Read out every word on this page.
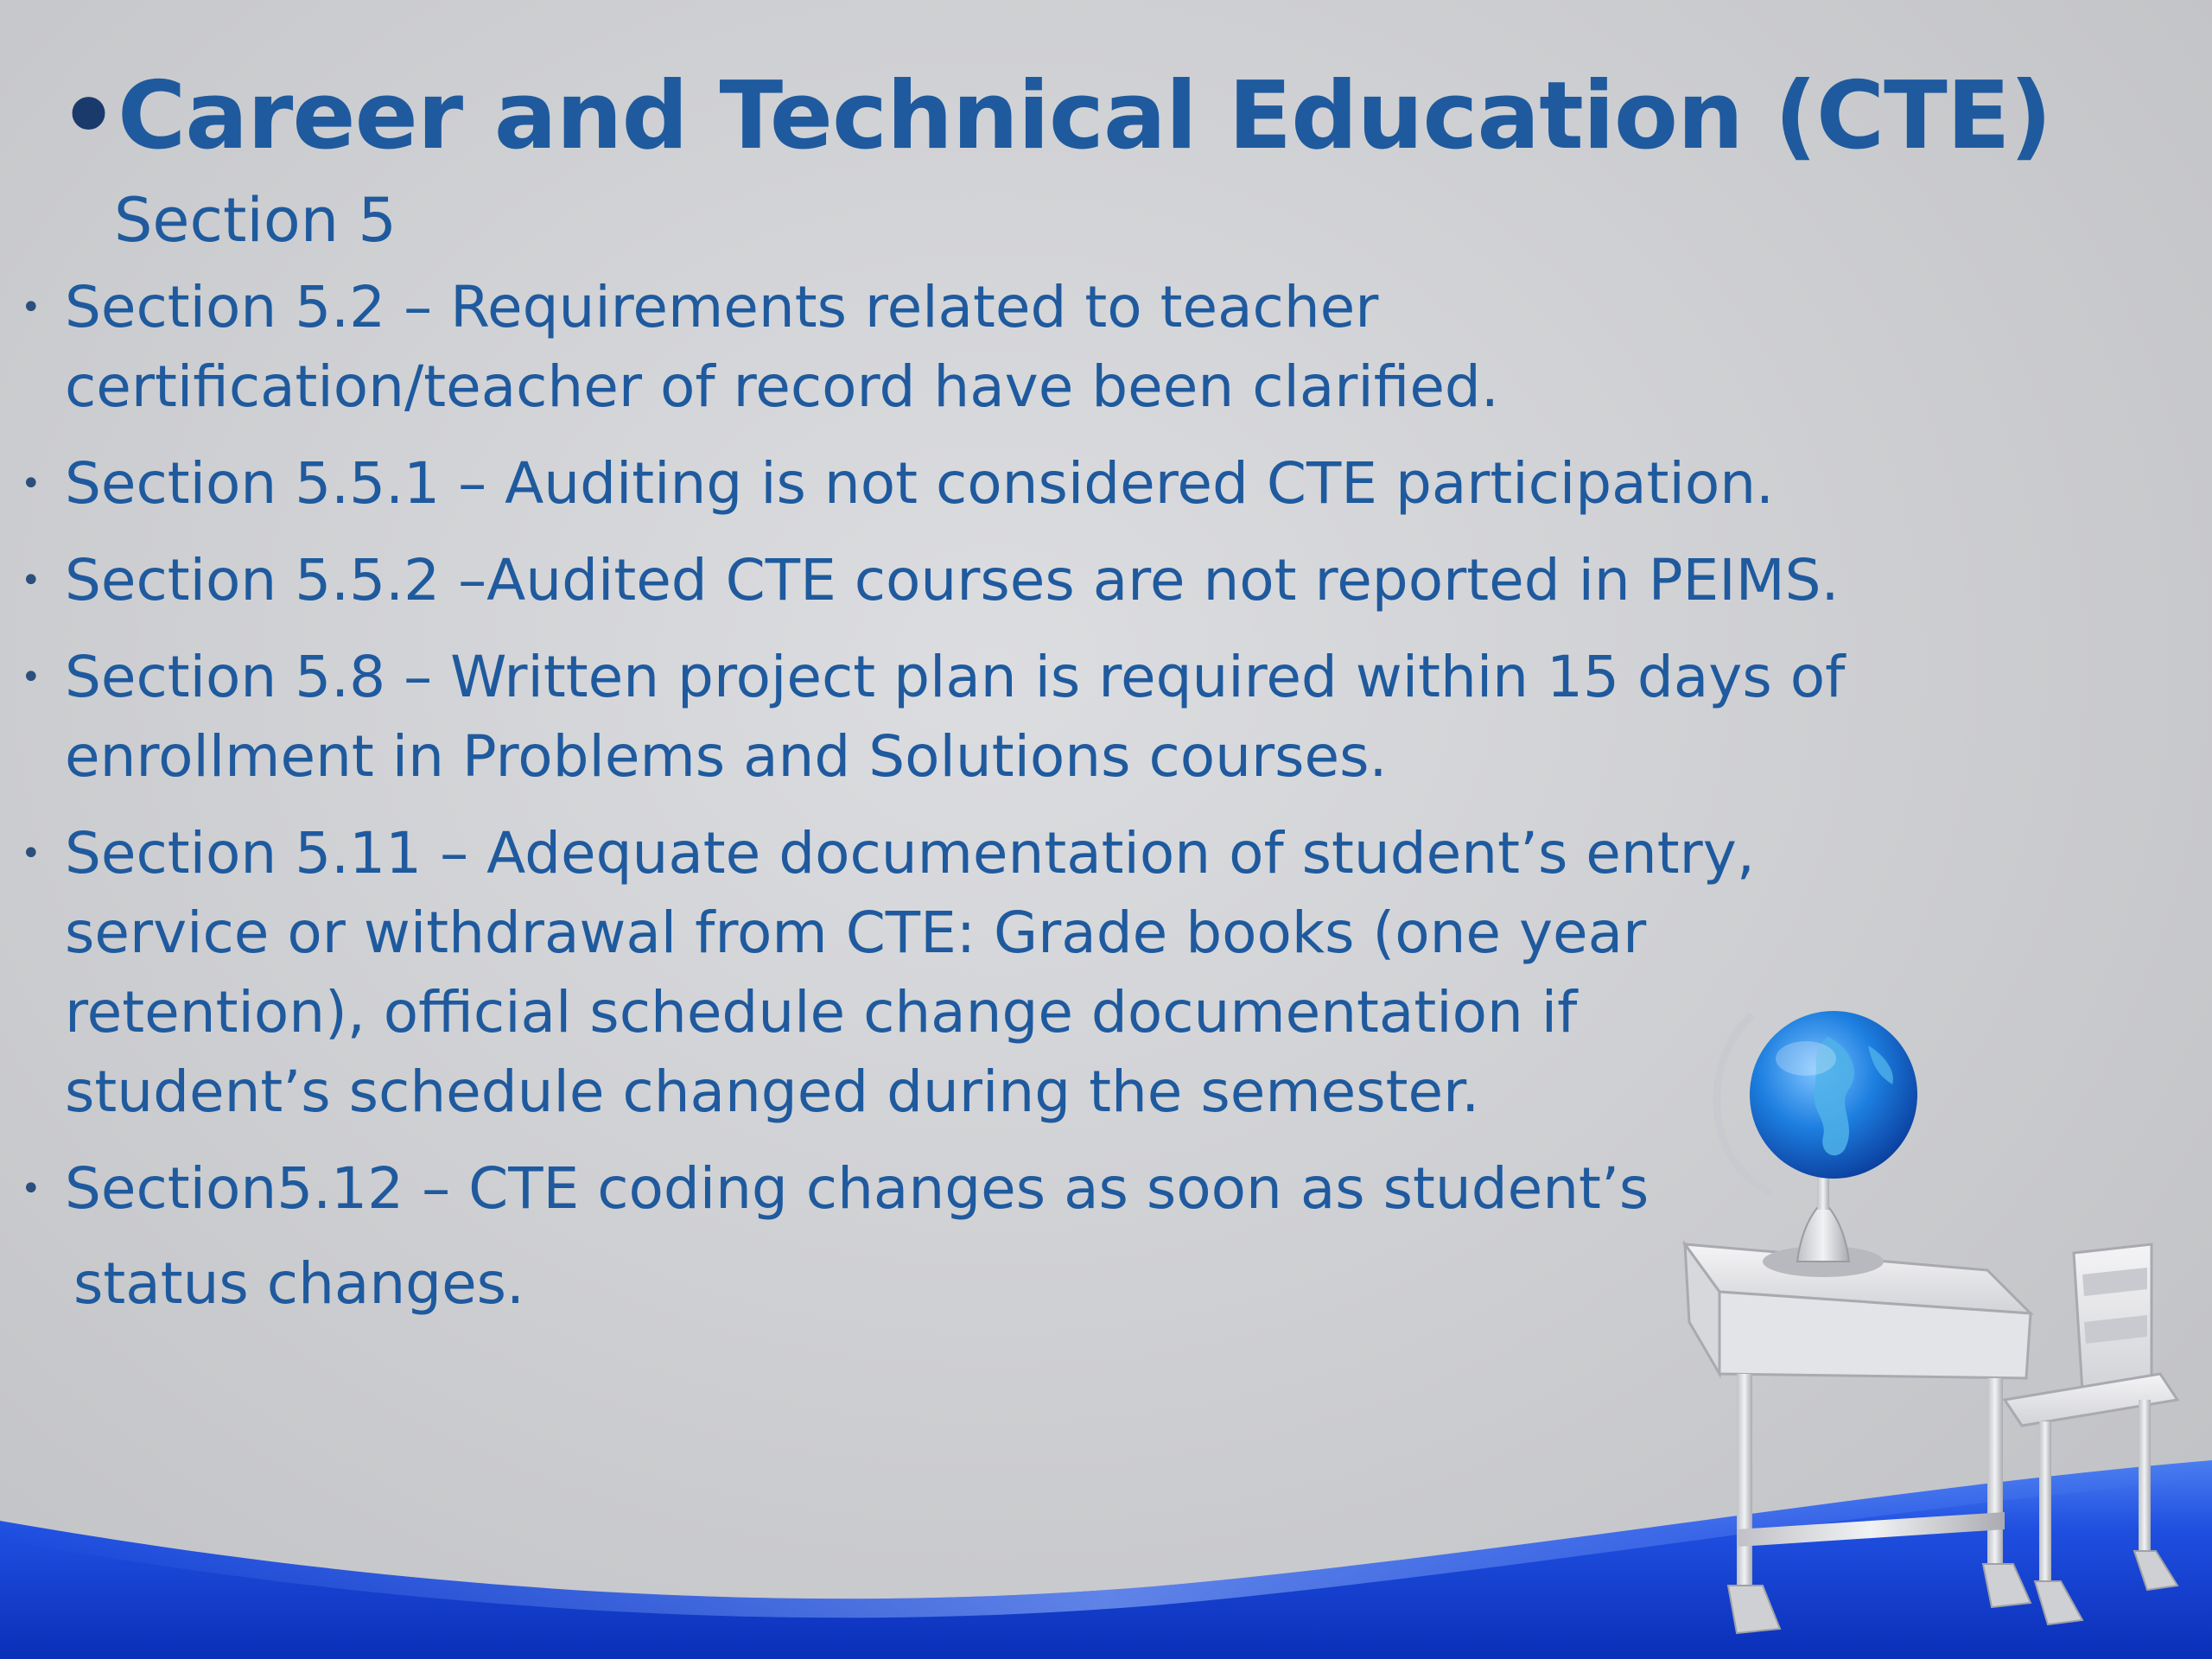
•Career and Technical Education (CTE)
Section 5
• Section 5.2 – Requirements related to teacher
certification/teacher of record have been clarified.
• Section 5.5.1 – Auditing is not considered CTE participation.
• Section 5.5.2 –Audited CTE courses are not reported in PEIMS.
• Section 5.8 – Written project plan is required within 15 days of
enrollment in Problems and Solutions courses.
• Section 5.11 – Adequate documentation of student’s entry,
service or withdrawal from CTE: Grade books (one year
retention), official schedule change documentation if
student’s schedule changed during the semester.
• Section5.12 – CTE coding changes as soon as student’s
status changes.
